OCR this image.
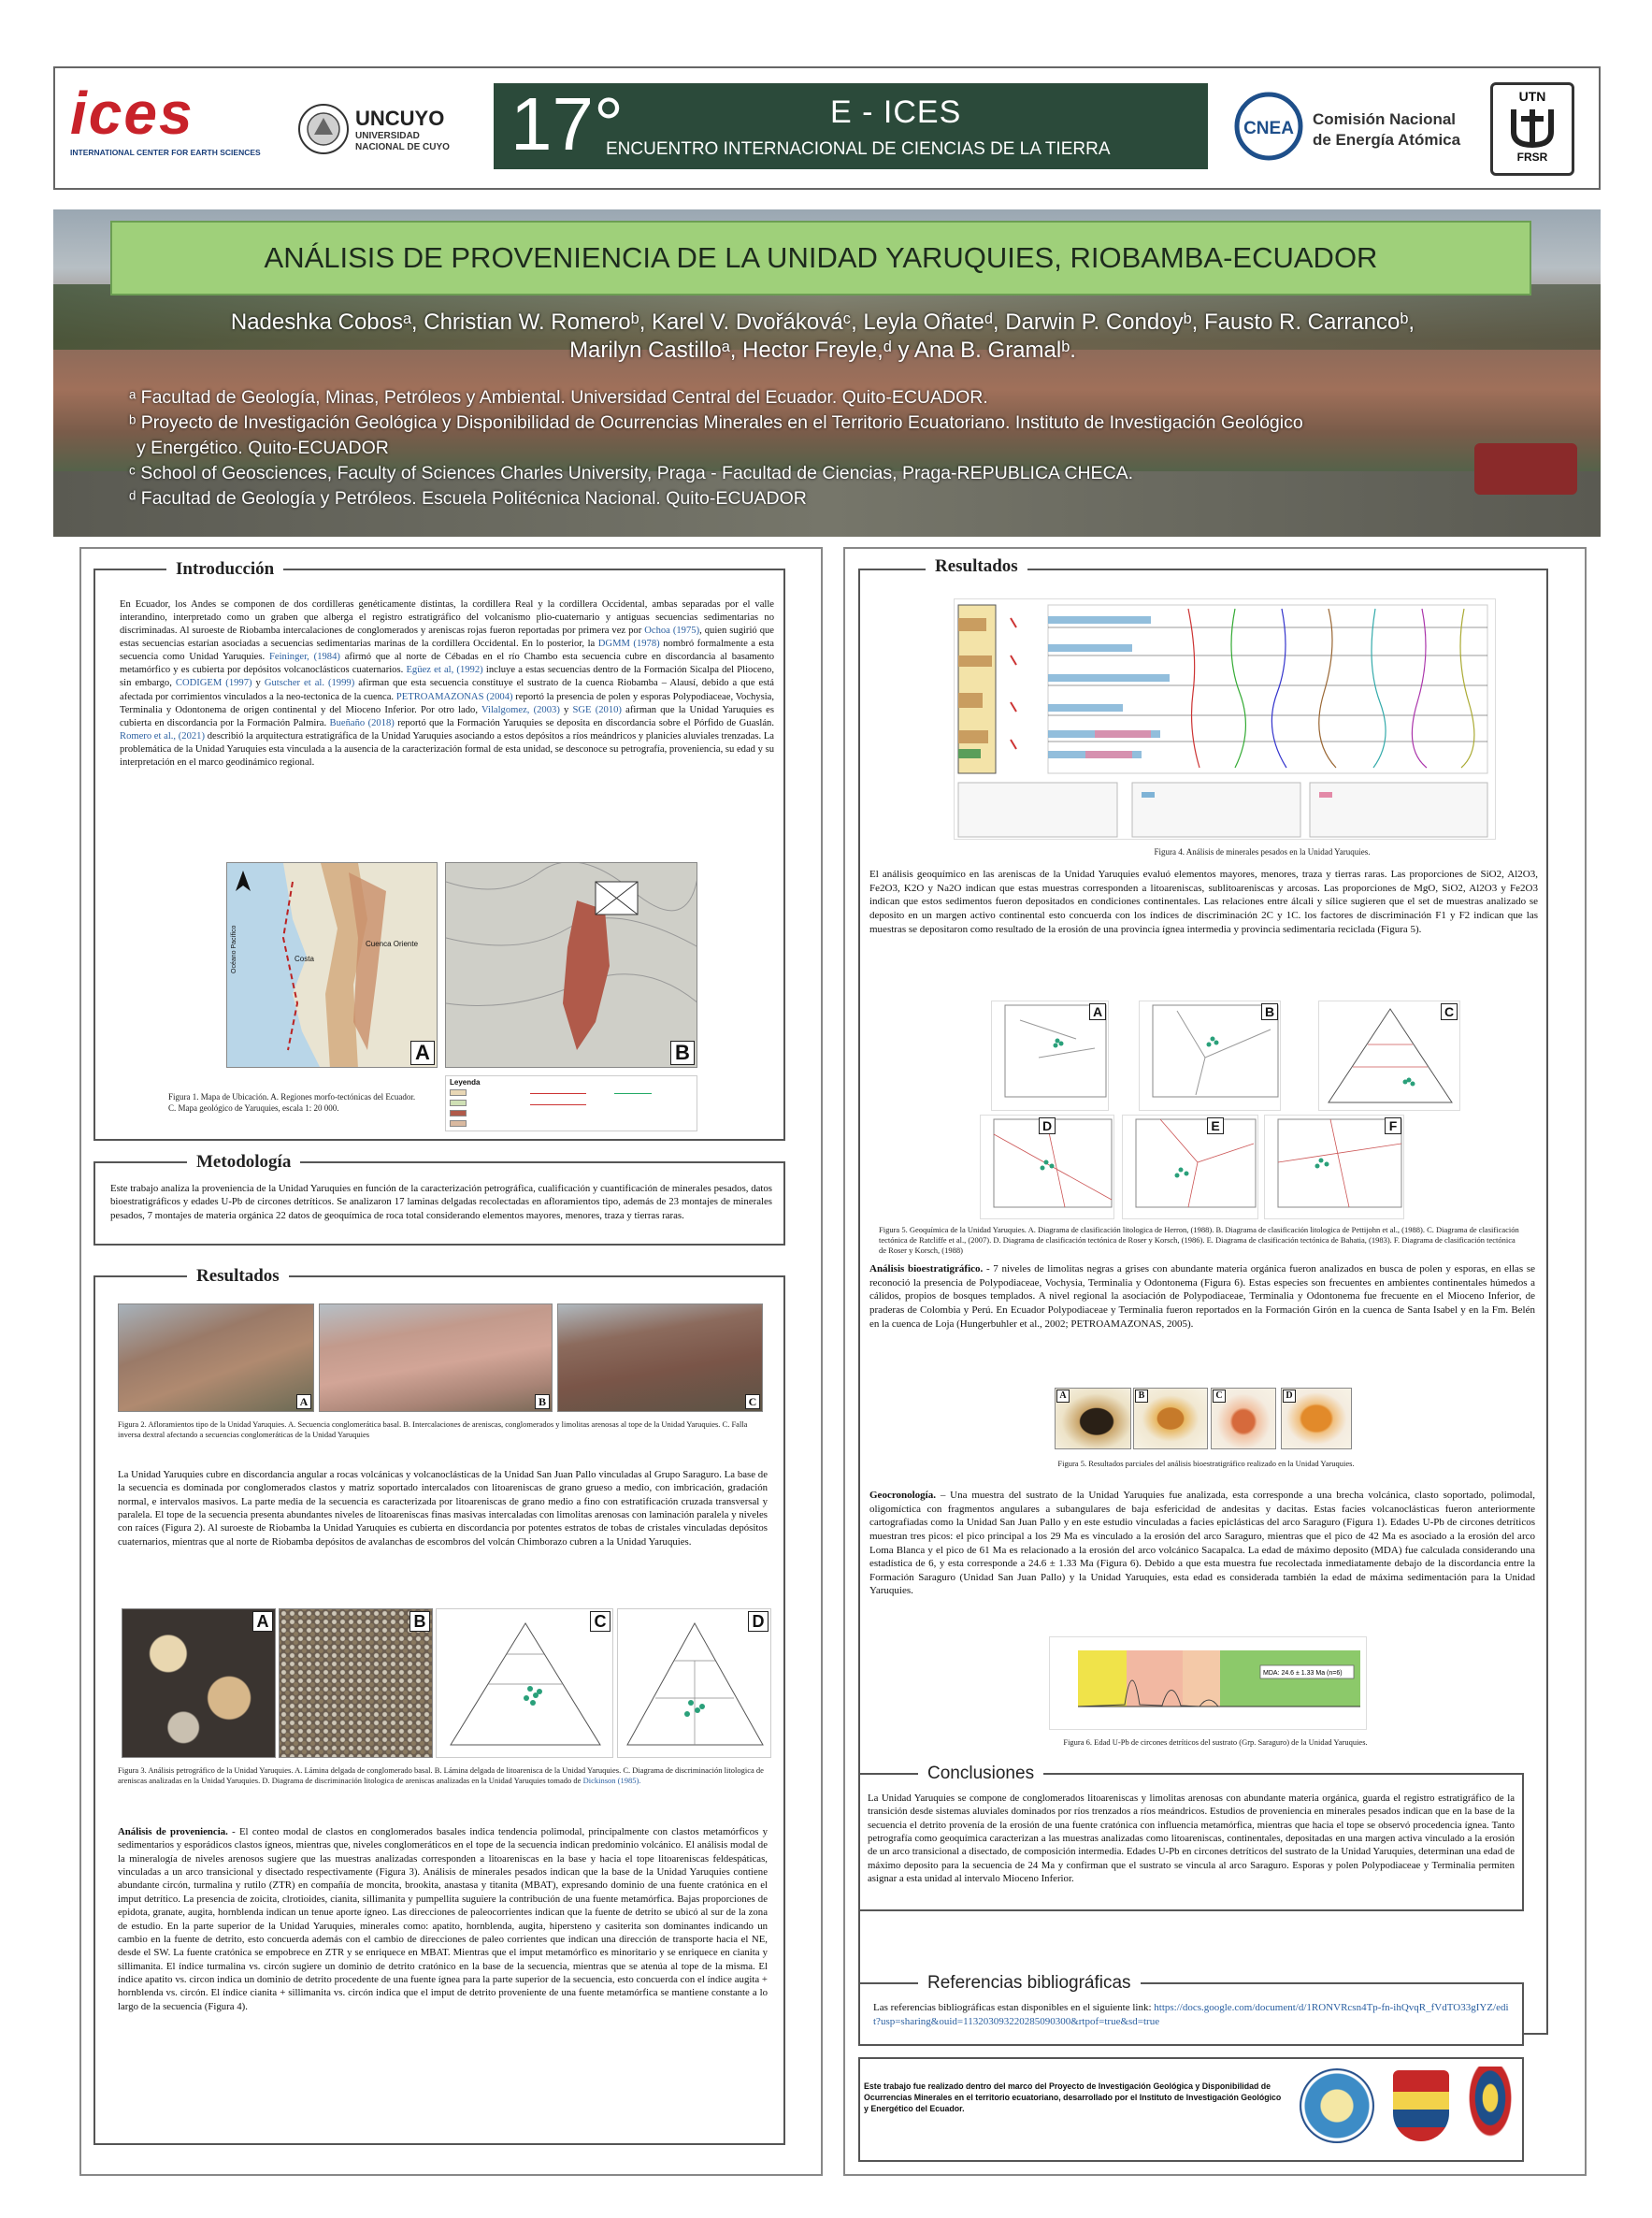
ices
INTERNATIONAL CENTER FOR EARTH SCIENCES
UNCUYO
UNIVERSIDAD
NACIONAL DE CUYO 17°	E - ICES
ENCUENTRO INTERNACIONAL DE CIENCIAS DE LA TIERRA
CNEA Comisión Nacional
de Energía Atómica
UTN
FRSR
ANÁLISIS DE PROVENIENCIA DE LA UNIDAD YARUQUIES, RIOBAMBA-ECUADOR
Nadeshka Cobosᵃ, Christian W. Romeroᵇ, Karel V. Dvořákováᶜ, Leyla Oñateᵈ, Darwin P. Condoyᵇ, Fausto R. Carrancoᵇ,
Marilyn Castilloᵃ, Hector Freyle,ᵈ y Ana B. Gramalᵇ.
ᵃ Facultad de Geología, Minas, Petróleos y Ambiental. Universidad Central del Ecuador. Quito-ECUADOR.
ᵇ Proyecto de Investigación Geológica y Disponibilidad de Ocurrencias Minerales en el Territorio Ecuatoriano. Instituto de Investigación Geológico
y Energético. Quito-ECUADOR
ᶜ School of Geosciences, Faculty of Sciences Charles University, Praga - Facultad de Ciencias, Praga-REPUBLICA CHECA.
ᵈ Facultad de Geología y Petróleos. Escuela Politécnica Nacional. Quito-ECUADOR
Introducción
En Ecuador, los Andes se componen de dos cordilleras genéticamente distintas, la cordillera Real y la cordillera Occidental, ambas separadas por el valle interandino, interpretado como un graben que alberga el registro estratigráfico del volcanismo plio-cuaternario y antiguas secuencias sedimentarias no discriminadas. Al suroeste de Riobamba intercalaciones de conglomerados y areniscas rojas fueron reportadas por primera vez por Ochoa (1975), quien sugirió que estas secuencias estarían asociadas a secuencias sedimentarias marinas de la cordillera Occidental. En lo posterior, la DGMM (1978) nombró formalmente a esta secuencia como Unidad Yaruquies. Feininger, (1984) afirmó que al norte de Cébadas en el río Chambo esta secuencia cubre en discordancia al basamento metamórfico y es cubierta por depósitos volcanoclásticos cuaternarios. Egüez et al, (1992) incluye a estas secuencias dentro de la Formación Sicalpa del Plioceno, sin embargo, CODIGEM (1997) y Gutscher et al. (1999) afirman que esta secuencia constituye el sustrato de la cuenca Riobamba – Alausí, debido a que está afectada por corrimientos vinculados a la neo-tectonica de la cuenca. PETROAMAZONAS (2004) reportó la presencia de polen y esporas Polypodiaceae, Vochysia, Terminalia y Odontonema de origen continental y del Mioceno Inferior. Por otro lado, Vilalgomez, (2003) y SGE (2010) afirman que la Unidad Yaruquies es cubierta en discordancia por la Formación Palmira. Bueñaño (2018) reportó que la Formación Yaruquies se deposita en discordancia sobre el Pórfido de Guaslán. Romero et al., (2021) describió la arquitectura estratigráfica de la Unidad Yaruquies asociando a estos depósitos a ríos meándricos y planicies aluviales trenzadas. La problemática de la Unidad Yaruquies esta vinculada a la ausencia de la caracterización formal de esta unidad, se desconoce su petrografía, proveniencia, su edad y su interpretación en el marco geodinámico regional.
Costa
Cuenca Oriente
Océano Pacífico
A	B
Leyenda
Figura 1. Mapa de Ubicación. A. Regiones morfo-tectónicas del Ecuador. C. Mapa geológico de Yaruquies, escala 1: 20 000.
Metodología
Este trabajo analiza la proveniencia de la Unidad Yaruquies en función de la caracterización petrográfica, cualificación y cuantificación de minerales pesados, datos bioestratigráficos y edades U-Pb de circones detríticos. Se analizaron 17 laminas delgadas recolectadas en afloramientos tipo, además de 23 montajes de minerales pesados, 7 montajes de materia orgánica 22 datos de geoquímica de roca total considerando elementos mayores, menores, traza y tierras raras.
Resultados
A	B	C
Figura 2. Afloramientos tipo de la Unidad Yaruquies. A. Secuencia conglomerática basal. B. Intercalaciones de areniscas, conglomerados y limolitas arenosas al tope de la Unidad Yaruquies. C. Falla inversa dextral afectando a secuencias conglomeráticas de la Unidad Yaruquies
La Unidad Yaruquies cubre en discordancia angular a rocas volcánicas y volcanoclásticas de la Unidad San Juan Pallo vinculadas al Grupo Saraguro. La base de la secuencia es dominada por conglomerados clastos y matriz soportado intercalados con litoareniscas de grano grueso a medio, con imbricación, gradación normal, e intervalos masivos. La parte media de la secuencia es caracterizada por litoareniscas de grano medio a fino con estratificación cruzada transversal y paralela. El tope de la secuencia presenta abundantes niveles de litoareniscas finas masivas intercaladas con limolitas arenosas con laminación paralela y niveles con raíces (Figura 2). Al suroeste de Riobamba la Unidad Yaruquies es cubierta en discordancia por potentes estratos de tobas de cristales vinculadas depósitos cuaternarios, mientras que al norte de Riobamba depósitos de avalanchas de escombros del volcán Chimborazo cubren a la Unidad Yaruquies.
A	B	C	D
Figura 3. Análisis petrográfico de la Unidad Yaruquies. A. Lámina delgada de conglomerado basal. B. Lámina delgada de litoarenisca de la Unidad Yaruquies. C. Diagrama de discriminación litologica de areniscas analizadas en la Unidad Yaruquies. D. Diagrama de discriminación litologica de areniscas analizadas en la Unidad Yaruquies tomado de Dickinson (1985).
Análisis de proveniencia. - El conteo modal de clastos en conglomerados basales indica tendencia polimodal, principalmente con clastos metamórficos y sedimentarios y esporádicos clastos ígneos, mientras que, niveles conglomeráticos en el tope de la secuencia indican predominio volcánico. El análisis modal de la mineralogía de niveles arenosos sugiere que las muestras analizadas corresponden a litoareniscas en la base y hacia el tope litoareniscas feldespáticas, vinculadas a un arco transicional y disectado respectivamente (Figura 3). Análisis de minerales pesados indican que la base de la Unidad Yaruquies contiene abundante circón, turmalina y rutilo (ZTR) en compañía de moncita, brookita, anastasa y titanita (MBAT), expresando dominio de una fuente cratónica en el imput detrítico. La presencia de zoicita, clrotioides, cianita, sillimanita y pumpellita suguiere la contribución de una fuente metamórfica. Bajas proporciones de epidota, granate, augita, hornblenda indican un tenue aporte ígneo. Las direcciones de paleocorrientes indican que la fuente de detrito se ubicó al sur de la zona de estudio. En la parte superior de la Unidad Yaruquies, minerales como: apatito, hornblenda, augita, hipersteno y casiterita son dominantes indicando un cambio en la fuente de detrito, esto concuerda además con el cambio de direcciones de paleo corrientes que indican una dirección de transporte hacia el NE, desde el SW. La fuente cratónica se empobrece en ZTR y se enriquece en MBAT. Mientras que el imput metamórfico es minoritario y se enriquece en cianita y sillimanita. El índice turmalina vs. circón sugiere un dominio de detrito cratónico en la base de la secuencia, mientras que se atenúa al tope de la misma. El índice apatito vs. circon indica un dominio de detrito procedente de una fuente ígnea para la parte superior de la secuencia, esto concuerda con el índice augita + hornblenda vs. circón. El índice cianita + sillimanita vs. circón indica que el imput de detrito proveniente de una fuente metamórfica se mantiene constante a lo largo de la secuencia (Figura 4).
Resultados
Figura 4. Análisis de minerales pesados en la Unidad Yaruquies.
El análisis geoquímico en las areniscas de la Unidad Yaruquies evaluó elementos mayores, menores, traza y tierras raras. Las proporciones de SiO2, Al2O3, Fe2O3, K2O y Na2O indican que estas muestras corresponden a litoareniscas, sublitoareniscas y arcosas. Las proporciones de MgO, SiO2, Al2O3 y Fe2O3 indican que estos sedimentos fueron depositados en condiciones continentales. Las relaciones entre álcali y sílice sugieren que el set de muestras analizado se deposito en un margen activo continental esto concuerda con los índices de discriminación 2C y 1C. los factores de discriminación F1 y F2 indican que las muestras se depositaron como resultado de la erosión de una provincia ígnea intermedia y provincia sedimentaria reciclada (Figura 5).
A	B	C
D	E	F
Figura 5. Geoquímica de la Unidad Yaruquies. A. Diagrama de clasificación litologica de Herron, (1988). B. Diagrama de clasificación litologica de Pettijohn et al., (1988). C. Diagrama de clasificación tectónica de Ratcliffe et al., (2007). D. Diagrama de clasificación tectónica de Roser y Korsch, (1986). E. Diagrama de clasificación tectónica de Bahatia, (1983). F. Diagrama de clasificación tectónica de Roser y Korsch, (1988)
Análisis bioestratigráfico. - 7 niveles de limolitas negras a grises con abundante materia orgánica fueron analizados en busca de polen y esporas, en ellas se reconoció la presencia de Polypodiaceae, Vochysia, Terminalia y Odontonema (Figura 6). Estas especies son frecuentes en ambientes continentales húmedos a cálidos, propios de bosques templados. A nivel regional la asociación de Polypodiaceae, Terminalia y Odontonema fue frecuente en el Mioceno Inferior, de praderas de Colombia y Perú. En Ecuador Polypodiaceae y Terminalia fueron reportados en la Formación Girón en la cuenca de Santa Isabel y en la Fm. Belén en la cuenca de Loja (Hungerbuhler et al., 2002; PETROAMAZONAS, 2005).
A	B	C	D
Figura 5. Resultados parciales del análisis bioestratigráfico realizado en la Unidad Yaruquies.
Geocronología. – Una muestra del sustrato de la Unidad Yaruquies fue analizada, esta corresponde a una brecha volcánica, clasto soportado, polimodal, oligomíctica con fragmentos angulares a subangulares de baja esfericidad de andesitas y dacitas. Estas facies volcanoclásticas fueron anteriormente cartografiadas como la Unidad San Juan Pallo y en este estudio vinculadas a facies epiclásticas del arco Saraguro (Figura 1). Edades U-Pb de circones detríticos muestran tres picos: el pico principal a los 29 Ma es vinculado a la erosión del arco Saraguro, mientras que el pico de 42 Ma es asociado a la erosión del arco Loma Blanca y el pico de 61 Ma es relacionado a la erosión del arco volcánico Sacapalca. La edad de máximo deposito (MDA) fue calculada considerando una estadística de 6, y esta corresponde a 24.6 ± 1.33 Ma (Figura 6). Debido a que esta muestra fue recolectada inmediatamente debajo de la discordancia entre la Formación Saraguro (Unidad San Juan Pallo) y la Unidad Yaruquies, esta edad es considerada también la edad de máxima sedimentación para la Unidad Yaruquies.
MDA: 24.6 ± 1.33 Ma (n=6)
Figura 6. Edad U-Pb de circones detríticos del sustrato (Grp. Saraguro) de la Unidad Yaruquies.
Conclusiones
La Unidad Yaruquies se compone de conglomerados litoareniscas y limolitas arenosas con abundante materia orgánica, guarda el registro estratigráfico de la transición desde sistemas aluviales dominados por ríos trenzados a ríos meándricos. Estudios de proveniencia en minerales pesados indican que en la base de la secuencia el detrito provenía de la erosión de una fuente cratónica con influencia metamórfica, mientras que hacia el tope se observó procedencia ígnea. Tanto petrografía como geoquímica caracterizan a las muestras analizadas como litoareniscas, continentales, depositadas en una margen activa vinculado a la erosión de un arco transicional a disectado, de composición intermedia. Edades U-Pb en circones detríticos del sustrato de la Unidad Yaruquies, determinan una edad de máximo deposito para la secuencia de 24 Ma y confirman que el sustrato se vincula al arco Saraguro. Esporas y polen Polypodiaceae y Terminalia permiten asignar a esta unidad al intervalo Mioceno Inferior.
Referencias bibliográficas
Las referencias bibliográficas estan disponibles en el siguiente link: https://docs.google.com/document/d/1RONVRcsn4Tp-fn-ihQvqR_fVdTO33gIYZ/edit?usp=sharing&ouid=113203093220285090300&rtpof=true&sd=true
Este trabajo fue realizado dentro del marco del Proyecto de Investigación Geológica y Disponibilidad de Ocurrencias Minerales en el territorio ecuatoriano, desarrollado por el Instituto de Investigación Geológico y Energético del Ecuador.
